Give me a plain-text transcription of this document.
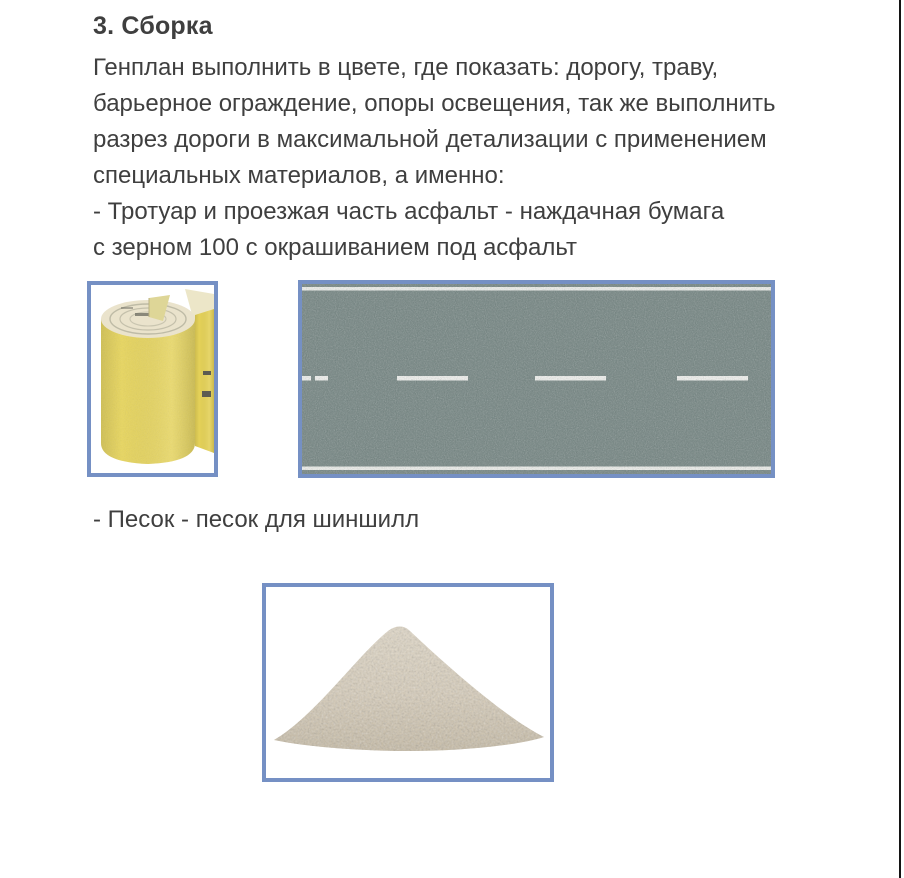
3. Сборка
Генплан выполнить в цвете, где показать: дорогу, траву,
барьерное ограждение, опоры освещения, так же выполнить
разрез дороги в максимальной детализации с применением
специальных материалов, а именно:
- Тротуар и проезжая часть асфальт - наждачная бумага
с зерном 100 с окрашиванием под асфальт
- Песок - песок для шиншилл
